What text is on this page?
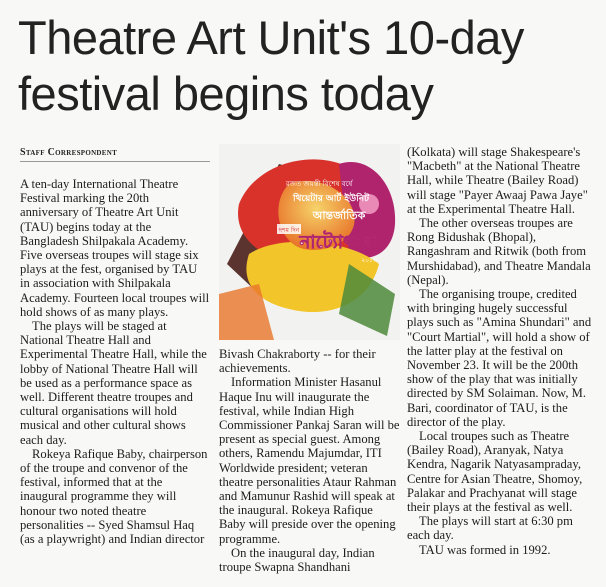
Theatre Art Unit's 10-day
festival begins today
Staff Correspondent

A ten-day International Theatre Festival marking the 20th anniversary of Theatre Art Unit (TAU) begins today at the Bangladesh Shilpakala Academy. Five overseas troupes will stage six plays at the fest, organised by TAU in association with Shilpakala Academy. Fourteen local troupes will hold shows of as many plays.

The plays will be staged at National Theatre Hall and Experimental Theatre Hall, while the lobby of National Theatre Hall will be used as a performance space as well. Different theatre troupes and cultural organisations will hold musical and other cultural shows each day.

Rokeya Rafique Baby, chairperson of the troupe and convenor of the festival, informed that at the inaugural programme they will honour two noted theatre personalities -- Syed Shamsul Haq (as a playwright) and Indian director

রজত জয়ন্তী বিশেষ বর্ষে
থিয়েটার আর্ট ইউনিট
আন্তর্জাতিক
দশম দিন
নাট্যোৎসব
২০১৩

Bivash Chakraborty -- for their achievements.

Information Minister Hasanul Haque Inu will inaugurate the festival, while Indian High Commissioner Pankaj Saran will be present as special guest. Among others, Ramendu Majumdar, ITI Worldwide president; veteran theatre personalities Ataur Rahman and Mamunur Rashid will speak at the inaugural. Rokeya Rafique Baby will preside over the opening programme.

On the inaugural day, Indian troupe Swapna Shandhani

(Kolkata) will stage Shakespeare's "Macbeth" at the National Theatre Hall, while Theatre (Bailey Road) will stage "Payer Awaaj Pawa Jaye" at the Experimental Theatre Hall.

The other overseas troupes are Rong Bidushak (Bhopal), Rangashram and Ritwik (both from Murshidabad), and Theatre Mandala (Nepal).

The organising troupe, credited with bringing hugely successful plays such as "Amina Shundari" and "Court Martial", will hold a show of the latter play at the festival on November 23. It will be the 200th show of the play that was initially directed by SM Solaiman. Now, M. Bari, coordinator of TAU, is the director of the play.

Local troupes such as Theatre (Bailey Road), Aranyak, Natya Kendra, Nagarik Natyasampraday, Centre for Asian Theatre, Shomoy, Palakar and Prachyanat will stage their plays at the festival as well.

The plays will start at 6:30 pm each day.

TAU was formed in 1992.
